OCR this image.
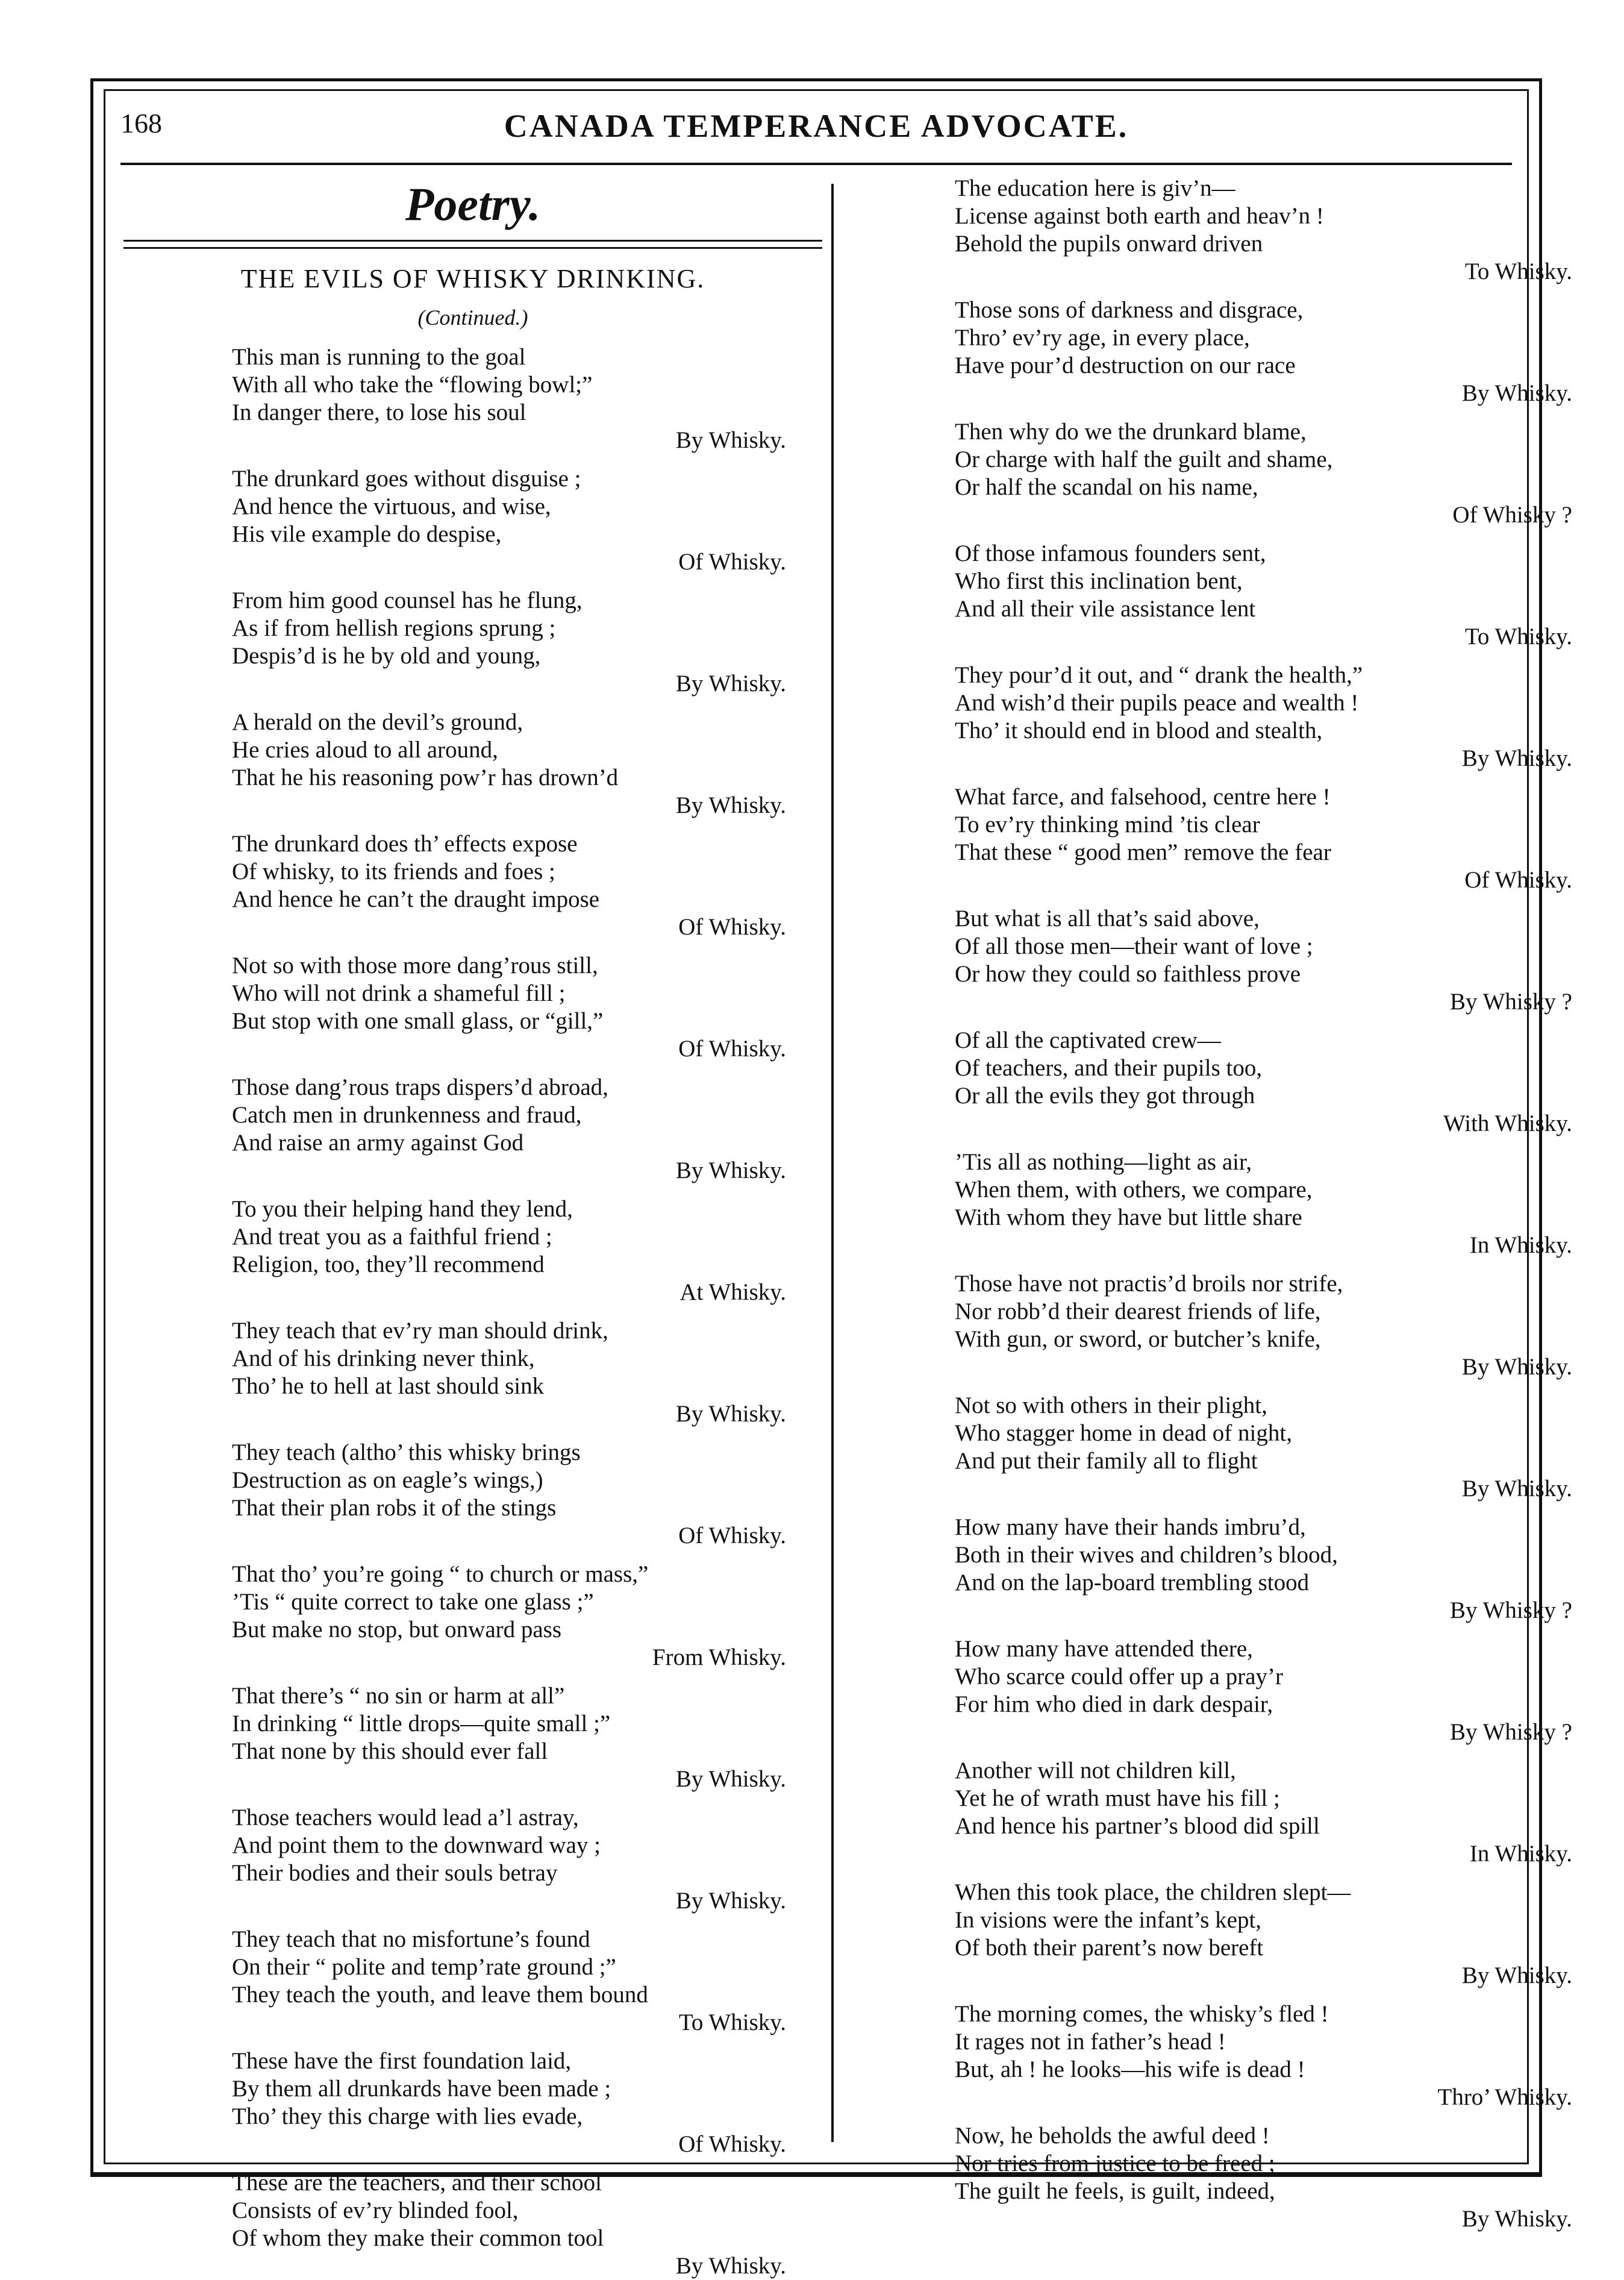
168	CANADA TEMPERANCE ADVOCATE.
Poetry.
THE EVILS OF WHISKY DRINKING.
(Continued.)
This man is running to the goal
With all who take the “flowing bowl;”
In danger there, to lose his soul
By Whisky.
The drunkard goes without disguise ;
And hence the virtuous, and wise,
His vile example do despise,
Of Whisky.
From him good counsel has he flung,
As if from hellish regions sprung ;
Despis’d is he by old and young,
By Whisky.
A herald on the devil’s ground,
He cries aloud to all around,
That he his reasoning pow’r has drown’d
By Whisky.
The drunkard does th’ effects expose
Of whisky, to its friends and foes ;
And hence he can’t the draught impose
Of Whisky.
Not so with those more dang’rous still,
Who will not drink a shameful fill ;
But stop with one small glass, or “gill,”
Of Whisky.
Those dang’rous traps dispers’d abroad,
Catch men in drunkenness and fraud,
And raise an army against God
By Whisky.
To you their helping hand they lend,
And treat you as a faithful friend ;
Religion, too, they’ll recommend
At Whisky.
They teach that ev’ry man should drink,
And of his drinking never think,
Tho’ he to hell at last should sink
By Whisky.
They teach (altho’ this whisky brings
Destruction as on eagle’s wings,)
That their plan robs it of the stings
Of Whisky.
That tho’ you’re going “ to church or mass,”
’Tis “ quite correct to take one glass ;”
But make no stop, but onward pass
From Whisky.
That there’s “ no sin or harm at all”
In drinking “ little drops—quite small ;”
That none by this should ever fall
By Whisky.
Those teachers would lead a’l astray,
And point them to the downward way ;
Their bodies and their souls betray
By Whisky.
They teach that no misfortune’s found
On their “ polite and temp’rate ground ;”
They teach the youth, and leave them bound
To Whisky.
These have the first foundation laid,
By them all drunkards have been made ;
Tho’ they this charge with lies evade,
Of Whisky.
These are the teachers, and their school
Consists of ev’ry blinded fool,
Of whom they make their common tool
By Whisky.
The education here is giv’n—
License against both earth and heav’n !
Behold the pupils onward driven
To Whisky.
Those sons of darkness and disgrace,
Thro’ ev’ry age, in every place,
Have pour’d destruction on our race
By Whisky.
Then why do we the drunkard blame,
Or charge with half the guilt and shame,
Or half the scandal on his name,
Of Whisky ?
Of those infamous founders sent,
Who first this inclination bent,
And all their vile assistance lent
To Whisky.
They pour’d it out, and “ drank the health,”
And wish’d their pupils peace and wealth !
Tho’ it should end in blood and stealth,
By Whisky.
What farce, and falsehood, centre here !
To ev’ry thinking mind ’tis clear
That these “ good men” remove the fear
Of Whisky.
But what is all that’s said above,
Of all those men—their want of love ;
Or how they could so faithless prove
By Whisky ?
Of all the captivated crew—
Of teachers, and their pupils too,
Or all the evils they got through
With Whisky.
’Tis all as nothing—light as air,
When them, with others, we compare,
With whom they have but little share
In Whisky.
Those have not practis’d broils nor strife,
Nor robb’d their dearest friends of life,
With gun, or sword, or butcher’s knife,
By Whisky.
Not so with others in their plight,
Who stagger home in dead of night,
And put their family all to flight
By Whisky.
How many have their hands imbru’d,
Both in their wives and children’s blood,
And on the lap-board trembling stood
By Whisky ?
How many have attended there,
Who scarce could offer up a pray’r
For him who died in dark despair,
By Whisky ?
Another will not children kill,
Yet he of wrath must have his fill ;
And hence his partner’s blood did spill
In Whisky.
When this took place, the children slept—
In visions were the infant’s kept,
Of both their parent’s now bereft
By Whisky.
The morning comes, the whisky’s fled !
It rages not in father’s head !
But, ah ! he looks—his wife is dead !
Thro’ Whisky.
Now, he beholds the awful deed !
Nor tries from justice to be freed ;
The guilt he feels, is guilt, indeed,
By Whisky.
